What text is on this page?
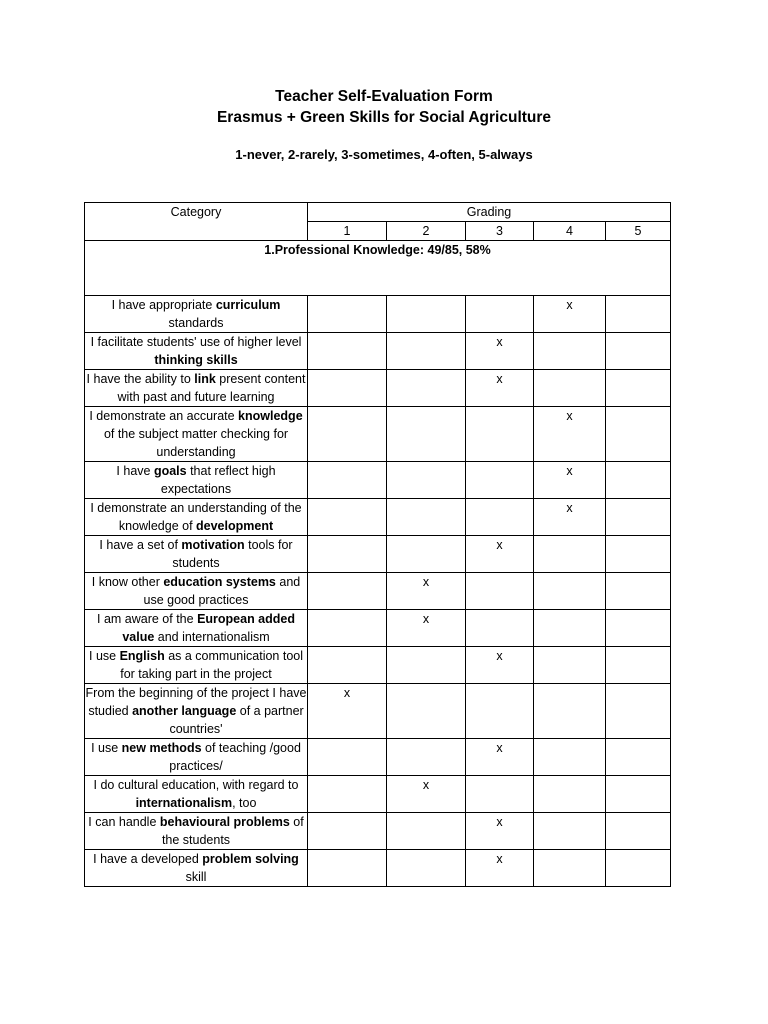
Teacher Self-Evaluation Form
Erasmus + Green Skills for Social Agriculture
1-never, 2-rarely, 3-sometimes, 4-often, 5-always
Category	Grading				
	1	2	3	4	5
1.Professional Knowledge: 49/85, 58%					
I have appropriate curriculum standards				x	
I facilitate students' use of higher level thinking skills			x		
I have the ability to link present content with past and future learning			x		
I demonstrate an accurate knowledge of the subject matter checking for understanding				x	
I have goals that reflect high expectations				x	
I demonstrate an understanding of the knowledge of development				x	
I have a set of motivation tools for students			x		
I know other education systems and use good practices		x			
I am aware of the European added value and internationalism		x			
I use English as a communication tool for taking part in the project			x		
From the beginning of the project I have studied another language of a partner countries'	x				
I use new methods of teaching /good practices/			x		
I do cultural education, with regard to internationalism, too		x			
I can handle behavioural problems of the students			x		
I have a developed problem solving skill			x		
